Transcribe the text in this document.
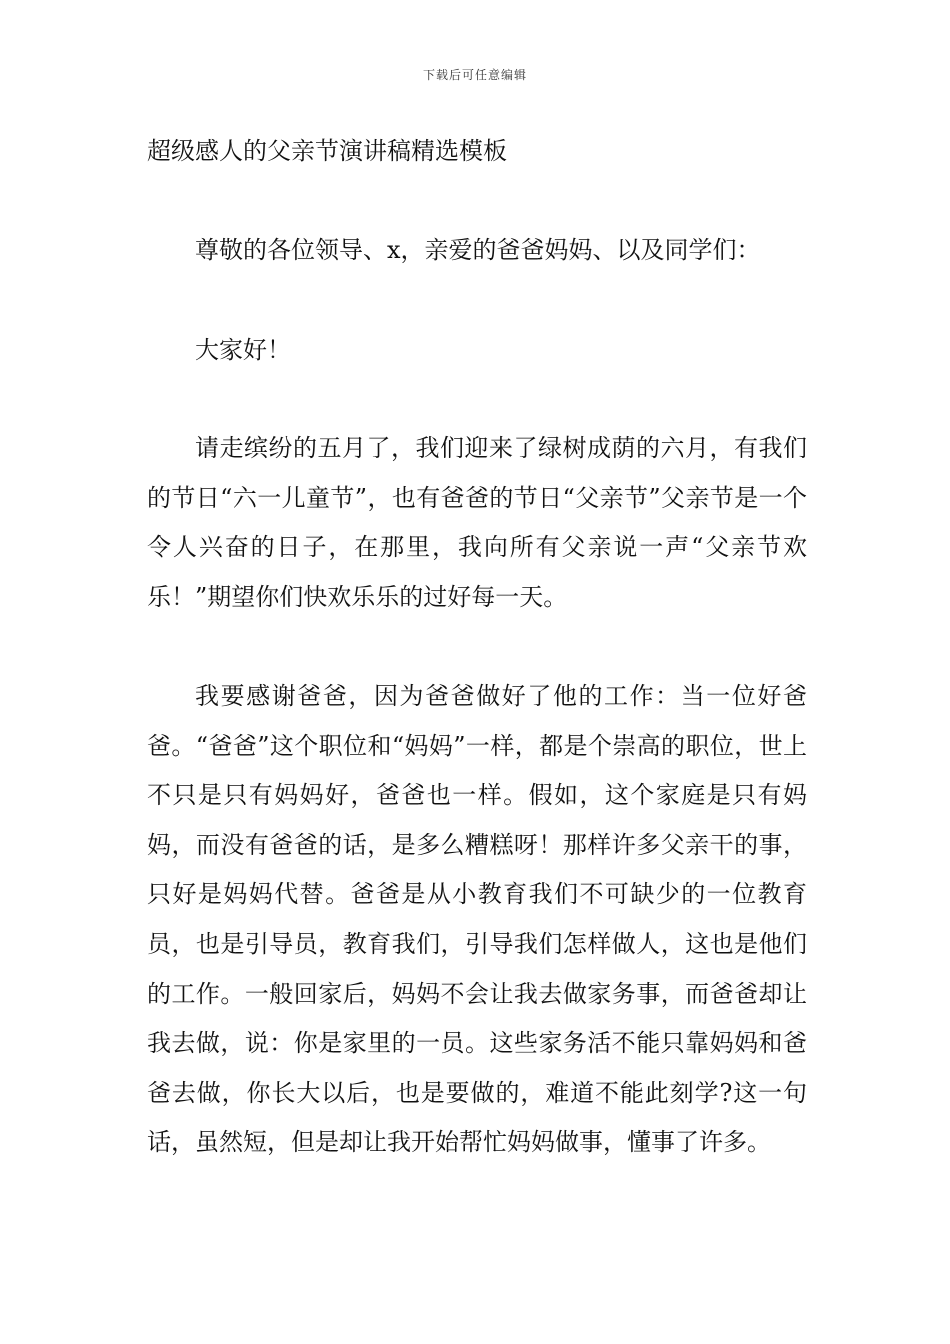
下载后可任意编辑
超级感人的父亲节演讲稿精选模板

尊敬的各位领导、x，亲爱的爸爸妈妈、以及同学们：

大家好！

请走缤纷的五月了，我们迎来了绿树成荫的六月，有我们的节日“六一儿童节”，也有爸爸的节日“父亲节”父亲节是一个令人兴奋的日子，在那里，我向所有父亲说一声“父亲节欢乐！”期望你们快欢乐乐的过好每一天。

我要感谢爸爸，因为爸爸做好了他的工作：当一位好爸爸。“爸爸”这个职位和“妈妈”一样，都是个崇高的职位，世上不只是只有妈妈好，爸爸也一样。假如，这个家庭是只有妈妈，而没有爸爸的话，是多么糟糕呀！那样许多父亲干的事，只好是妈妈代替。爸爸是从小教育我们不可缺少的一位教育员，也是引导员，教育我们，引导我们怎样做人，这也是他们的工作。一般回家后，妈妈不会让我去做家务事，而爸爸却让我去做，说：你是家里的一员。这些家务活不能只靠妈妈和爸爸去做，你长大以后，也是要做的，难道不能此刻学?这一句话，虽然短，但是却让我开始帮忙妈妈做事，懂事了许多。
